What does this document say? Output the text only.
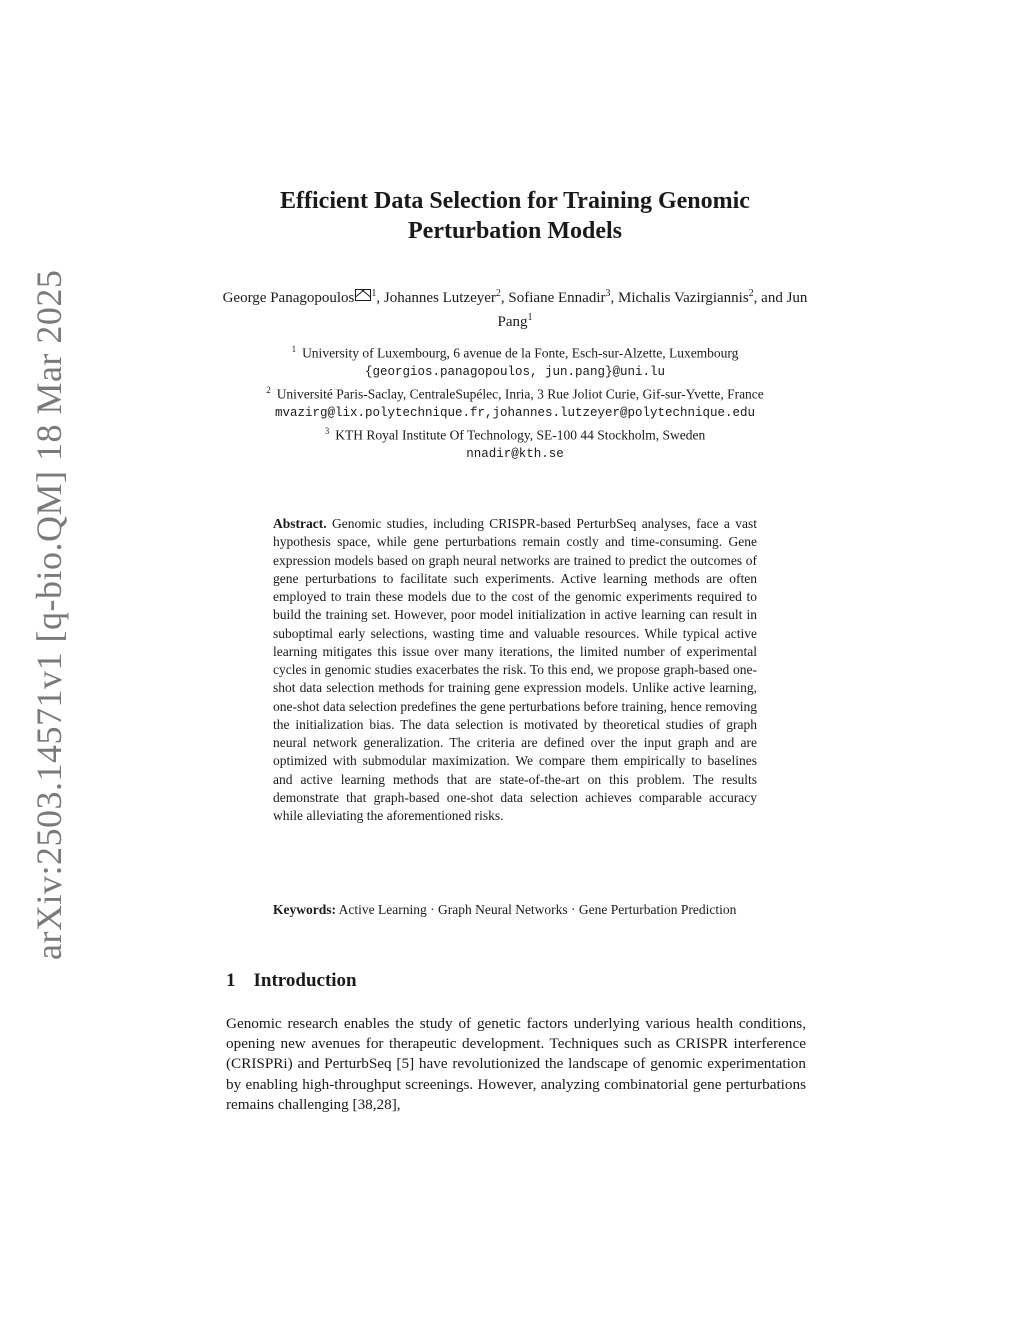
arXiv:2503.14571v1 [q-bio.QM] 18 Mar 2025
Efficient Data Selection for Training Genomic
Perturbation Models
George Panagopoulos $^1$, Johannes Lutzeyer$^2$, Sofiane Ennadir$^3$, Michalis Vazirgiannis$^2$, and Jun Pang$^1$
$^1$ University of Luxembourg, 6 avenue de la Fonte, Esch-sur-Alzette, Luxembourg
{georgios.panagopoulos, jun.pang}@uni.lu
$^2$ Université Paris-Saclay, CentraleSupélec, Inria, 3 Rue Joliot Curie, Gif-sur-Yvette, France
mvazirg@lix.polytechnique.fr,johannes.lutzeyer@polytechnique.edu
$^3$ KTH Royal Institute Of Technology, SE-100 44 Stockholm, Sweden
nnadir@kth.se
Abstract. Genomic studies, including CRISPR-based PerturbSeq analyses, face a vast hypothesis space, while gene perturbations remain costly and time-consuming. Gene expression models based on graph neural networks are trained to predict the outcomes of gene perturbations to facilitate such experiments. Active learning methods are often employed to train these models due to the cost of the genomic experiments required to build the training set. However, poor model initialization in active learning can result in suboptimal early selections, wasting time and valuable resources. While typical active learning mitigates this issue over many iterations, the limited number of experimental cycles in genomic studies exacerbates the risk. To this end, we propose graph-based one-shot data selection methods for training gene expression models. Unlike active learning, one-shot data selection predefines the gene perturbations before training, hence removing the initialization bias. The data selection is motivated by theoretical studies of graph neural network generalization. The criteria are defined over the input graph and are optimized with submodular maximization. We compare them empirically to baselines and active learning methods that are state-of-the-art on this problem. The results demonstrate that graph-based one-shot data selection achieves comparable accuracy while alleviating the aforementioned risks.
Keywords: Active Learning · Graph Neural Networks · Gene Perturbation Prediction
1 Introduction
Genomic research enables the study of genetic factors underlying various health conditions, opening new avenues for therapeutic development. Techniques such as CRISPR interference (CRISPRi) and PerturbSeq [5] have revolutionized the landscape of genomic experimentation by enabling high-throughput screenings. However, analyzing combinatorial gene perturbations remains challenging [38,28],
